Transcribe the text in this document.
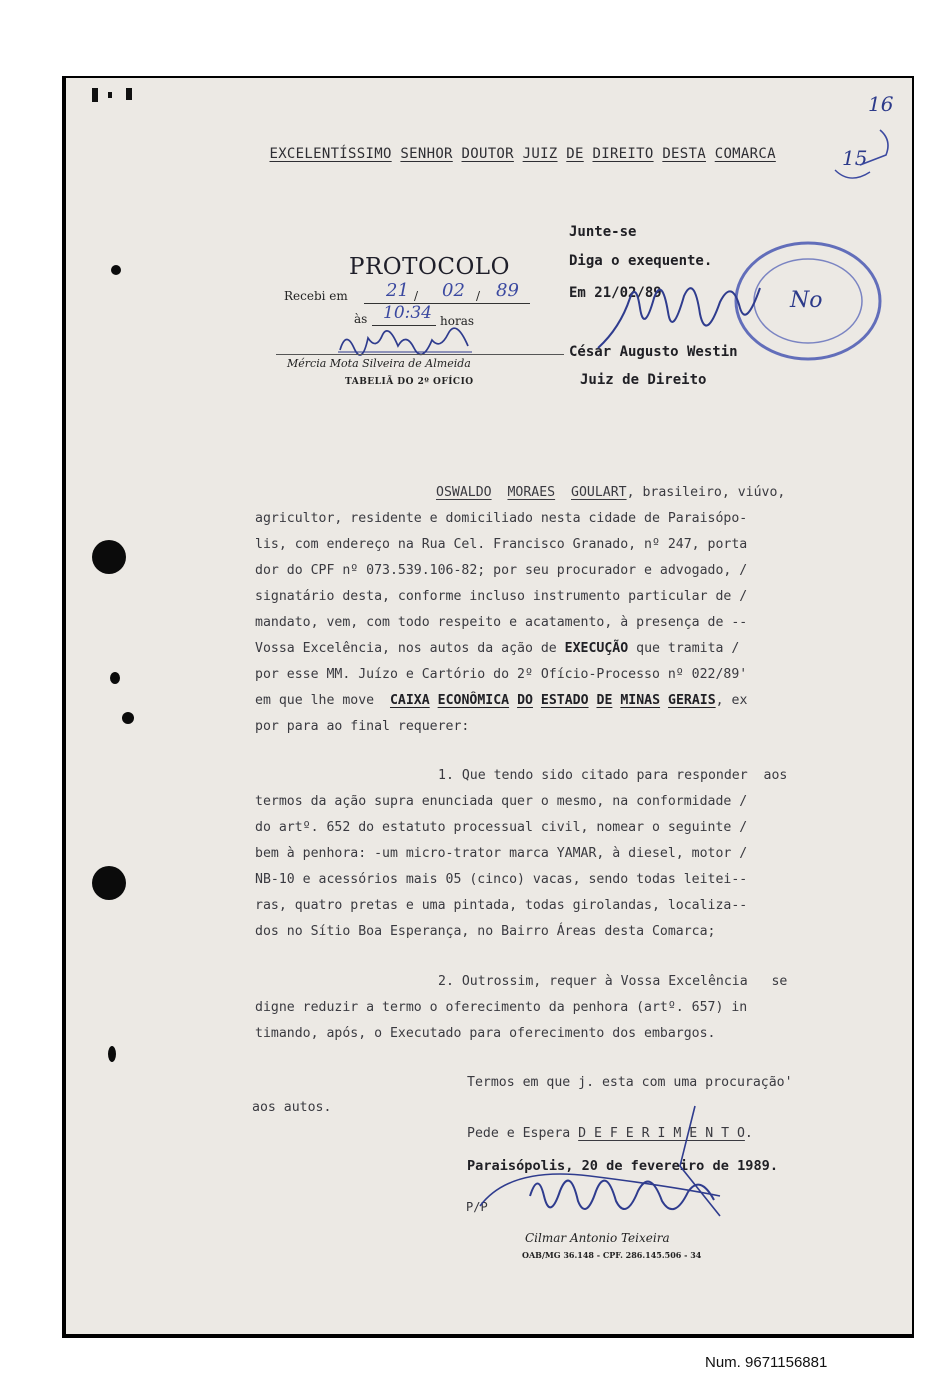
16
15

EXCELENTÍSSIMO SENHOR DOUTOR JUIZ DE DIREITO DESTA COMARCA

PROTOCOLO
Recebi em 21 / 02 / 89
às 10:34 horas
Mércia Mota Silveira de Almeida
TABELIÃ DO 2º OFÍCIO
Junte-se
Diga o exequente.
Em 21/02/89
César Augusto Westin
Juiz de Direito
No
OSWALDO MORAES GOULART, brasileiro, viúvo,
agricultor, residente e domiciliado nesta cidade de Paraisópo-
lis, com endereço na Rua Cel. Francisco Granado, nº 247, porta
dor do CPF nº 073.539.106-82; por seu procurador e advogado, /
signatário desta, conforme incluso instrumento particular de /
mandato, vem, com todo respeito e acatamento, à presença de --
Vossa Excelência, nos autos da ação de EXECUÇÃO que tramita /
por esse MM. Juízo e Cartório do 2º Ofício-Processo nº 022/89'
em que lhe move  CAIXA ECONÔMICA DO ESTADO DE MINAS GERAIS, ex
por para ao final requerer:
1. Que tendo sido citado para responder  aos
termos da ação supra enunciada quer o mesmo, na conformidade /
do artº. 652 do estatuto processual civil, nomear o seguinte /
bem à penhora: -um micro-trator marca YAMAR, à diesel, motor /
NB-10 e acessórios mais 05 (cinco) vacas, sendo todas leitei--
ras, quatro pretas e uma pintada, todas girolandas, localiza--
dos no Sítio Boa Esperança, no Bairro Áreas desta Comarca;
2. Outrossim, requer à Vossa Excelência   se
digne reduzir a termo o oferecimento da penhora (artº. 657) in
timando, após, o Executado para oferecimento dos embargos.
Termos em que j. esta com uma procuração'
aos autos.
Pede e Espera D E F E R I M E N T O.
Paraisópolis, 20 de fevereiro de 1989.
P/P
Cilmar Antonio Teixeira
OAB/MG 36.148 - CPF. 286.145.506 - 34
Num. 9671156881
